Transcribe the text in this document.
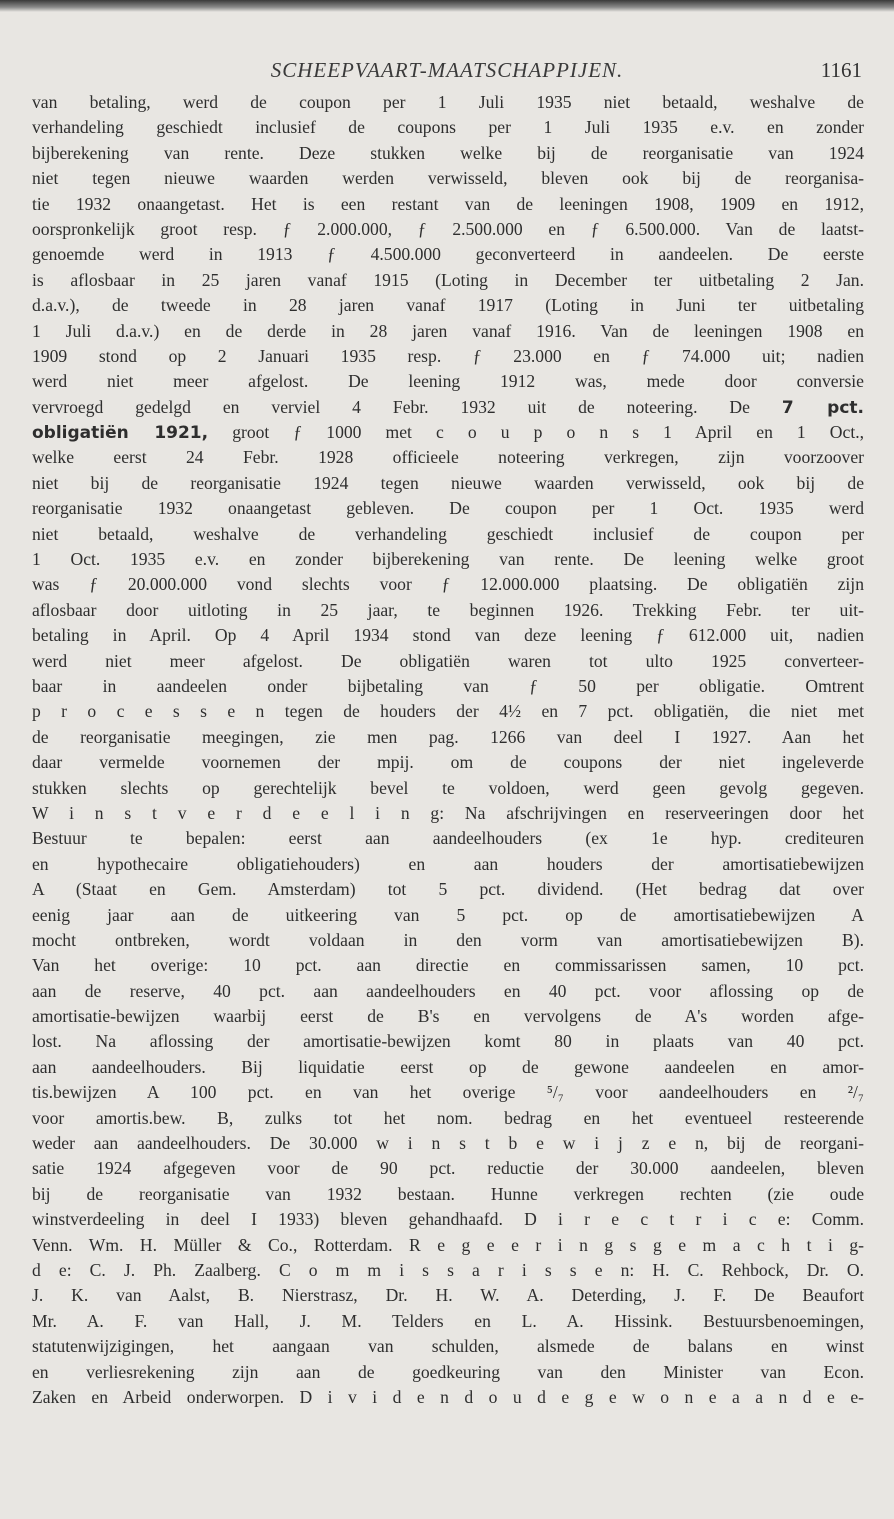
SCHEEPVAART-MAATSCHAPPIJEN.	1161

van betaling, werd de coupon per 1 Juli 1935 niet betaald, weshalve de

verhandeling geschiedt inclusief de coupons per 1 Juli 1935 e.v. en zonder

bijberekening van rente. Deze stukken welke bij de reorganisatie van 1924

niet tegen nieuwe waarden werden verwisseld, bleven ook bij de reorganisa-

tie 1932 onaangetast. Het is een restant van de leeningen 1908, 1909 en 1912,

oorspronkelijk groot resp. ƒ 2.000.000, ƒ 2.500.000 en ƒ 6.500.000. Van de laatst-

genoemde werd in 1913 ƒ 4.500.000 geconverteerd in aandeelen. De eerste

is aflosbaar in 25 jaren vanaf 1915 (Loting in December ter uitbetaling 2 Jan.

d.a.v.), de tweede in 28 jaren vanaf 1917 (Loting in Juni ter uitbetaling

1 Juli d.a.v.) en de derde in 28 jaren vanaf 1916. Van de leeningen 1908 en

1909 stond op 2 Januari 1935 resp. ƒ 23.000 en ƒ 74.000 uit; nadien

werd niet meer afgelost. De leening 1912 was, mede door conversie

vervroegd gedelgd en verviel 4 Febr. 1932 uit de noteering. De 7 pct.

obligatiën 1921, groot ƒ 1000 met c o u p o n s 1 April en 1 Oct.,

welke eerst 24 Febr. 1928 officieele noteering verkregen, zijn voorzoover

niet bij de reorganisatie 1924 tegen nieuwe waarden verwisseld, ook bij de

reorganisatie 1932 onaangetast gebleven. De coupon per 1 Oct. 1935 werd

niet betaald, weshalve de verhandeling geschiedt inclusief de coupon per

1 Oct. 1935 e.v. en zonder bijberekening van rente. De leening welke groot

was ƒ 20.000.000 vond slechts voor ƒ 12.000.000 plaatsing. De obligatiën zijn

aflosbaar door uitloting in 25 jaar, te beginnen 1926. Trekking Febr. ter uit-

betaling in April. Op 4 April 1934 stond van deze leening ƒ 612.000 uit, nadien

werd niet meer afgelost. De obligatiën waren tot ulto 1925 converteer-

baar in aandeelen onder bijbetaling van ƒ 50 per obligatie. Omtrent

p r o c e s s e n tegen de houders der 4½ en 7 pct. obligatiën, die niet met

de reorganisatie meegingen, zie men pag. 1266 van deel I 1927. Aan het

daar vermelde voornemen der mpij. om de coupons der niet ingeleverde

stukken slechts op gerechtelijk bevel te voldoen, werd geen gevolg gegeven.

W i n s t v e r d e e l i n g: Na afschrijvingen en reserveeringen door het

Bestuur te bepalen: eerst aan aandeelhouders (ex 1e hyp. crediteuren

en hypothecaire obligatiehouders) en aan houders der amortisatiebewijzen

A (Staat en Gem. Amsterdam) tot 5 pct. dividend. (Het bedrag dat over

eenig jaar aan de uitkeering van 5 pct. op de amortisatiebewijzen A

mocht ontbreken, wordt voldaan in den vorm van amortisatiebewijzen B).

Van het overige: 10 pct. aan directie en commissarissen samen, 10 pct.

aan de reserve, 40 pct. aan aandeelhouders en 40 pct. voor aflossing op de

amortisatie-bewijzen waarbij eerst de B's en vervolgens de A's worden afge-

lost. Na aflossing der amortisatie-bewijzen komt 80 in plaats van 40 pct.

aan aandeelhouders. Bij liquidatie eerst op de gewone aandeelen en amor-

tis.bewijzen A 100 pct. en van het overige ⁵/₇ voor aandeelhouders en ²/₇

voor amortis.bew. B, zulks tot het nom. bedrag en het eventueel resteerende

weder aan aandeelhouders. De 30.000 w i n s t b e w i j z e n, bij de reorgani-

satie 1924 afgegeven voor de 90 pct. reductie der 30.000 aandeelen, bleven

bij de reorganisatie van 1932 bestaan. Hunne verkregen rechten (zie oude

winstverdeeling in deel I 1933) bleven gehandhaafd. D i r e c t r i c e: Comm.

Venn. Wm. H. Müller & Co., Rotterdam. R e g e e r i n g s g e m a c h t i g-

d e: C. J. Ph. Zaalberg. C o m m i s s a r i s s e n: H. C. Rehbock, Dr. O.

J. K. van Aalst, B. Nierstrasz, Dr. H. W. A. Deterding, J. F. De Beaufort

Mr. A. F. van Hall, J. M. Telders en L. A. Hissink. Bestuursbenoemingen,

statutenwijzigingen, het aangaan van schulden, alsmede de balans en winst

en verliesrekening zijn aan de goedkeuring van den Minister van Econ.

Zaken en Arbeid onderworpen. D i v i d e n d o u d e g e w o n e a a n d e e-
